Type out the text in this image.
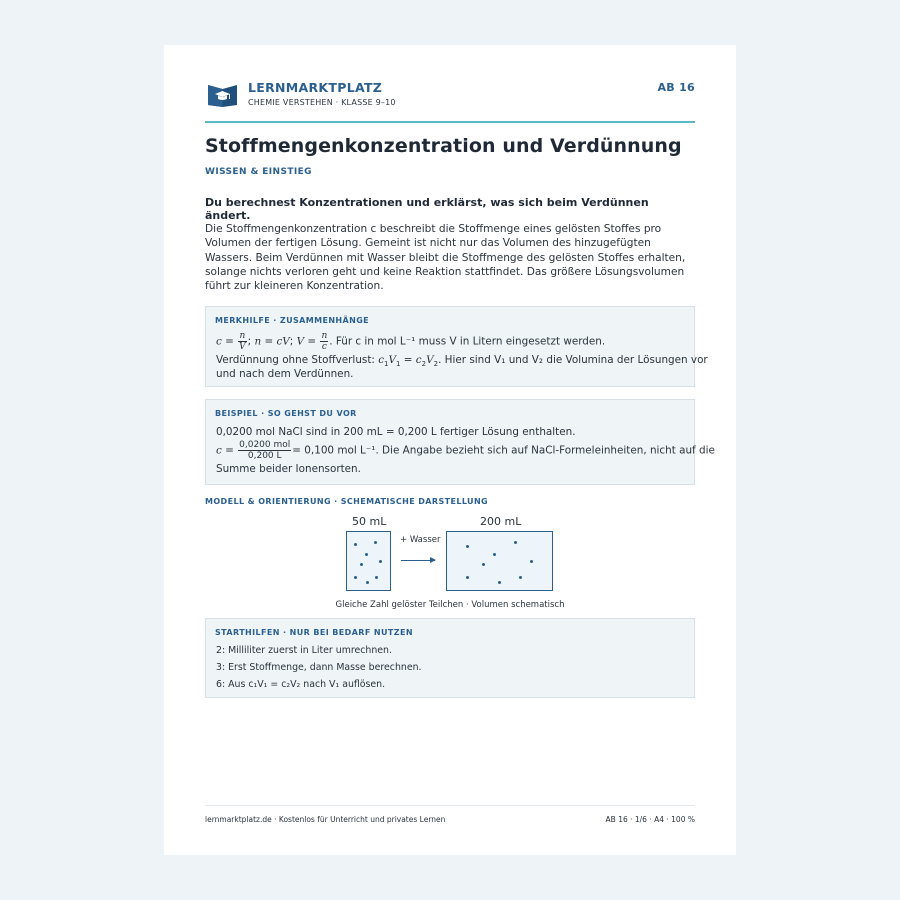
LERNMARKTPLATZ
CHEMIE VERSTEHEN · KLASSE 9–10
AB 16
Stoffmengenkonzentration und Verdünnung
WISSEN & EINSTIEG
Du berechnest Konzentrationen und erklärst, was sich beim Verdünnen ändert.
Die Stoffmengenkonzentration c beschreibt die Stoffmenge eines gelösten Stoffes pro Volumen der fertigen Lösung. Gemeint ist nicht nur das Volumen des hinzugefügten Wassers. Beim Verdünnen mit Wasser bleibt die Stoffmenge des gelösten Stoffes erhalten, solange nichts verloren geht und keine Reaktion stattfindet. Das größere Lösungsvolumen führt zur kleineren Konzentration.
MERKHILFE · ZUSAMMENHÄNGE
$c = \frac{n}{V}$ ; n = cV; $V = \frac{n}{c}$ . Für c in mol L⁻¹ muss V in Litern eingesetzt werden.
Verdünnung ohne Stoffverlust: $c_1V_1 = c_2V_2$. Hier sind V₁ und V₂ die Volumina der Lösungen vor
und nach dem Verdünnen.
BEISPIEL · SO GEHST DU VOR
0,0200 mol NaCl sind in 200 mL = 0,200 L fertiger Lösung enthalten.
$c = \frac{\text{0,0200 mol}}{0,200 L} = 0,100$ mol L⁻¹. Die Angabe bezieht sich auf NaCl-Formeleinheiten, nicht auf die
Summe beider Ionensorten.
MODELL & ORIENTIERUNG · SCHEMATISCHE DARSTELLUNG
50 mL	200 mL
+ Wasser
Gleiche Zahl gelöster Teilchen · Volumen schematisch
STARTHILFEN · NUR BEI BEDARF NUTZEN
2: Milliliter zuerst in Liter umrechnen.
3: Erst Stoffmenge, dann Masse berechnen.
6: Aus c₁V₁ = c₂V₂ nach V₁ auflösen.
lernmarktplatz.de · Kostenlos für Unterricht und privates Lernen	AB 16 · 1/6 · A4 · 100 %
